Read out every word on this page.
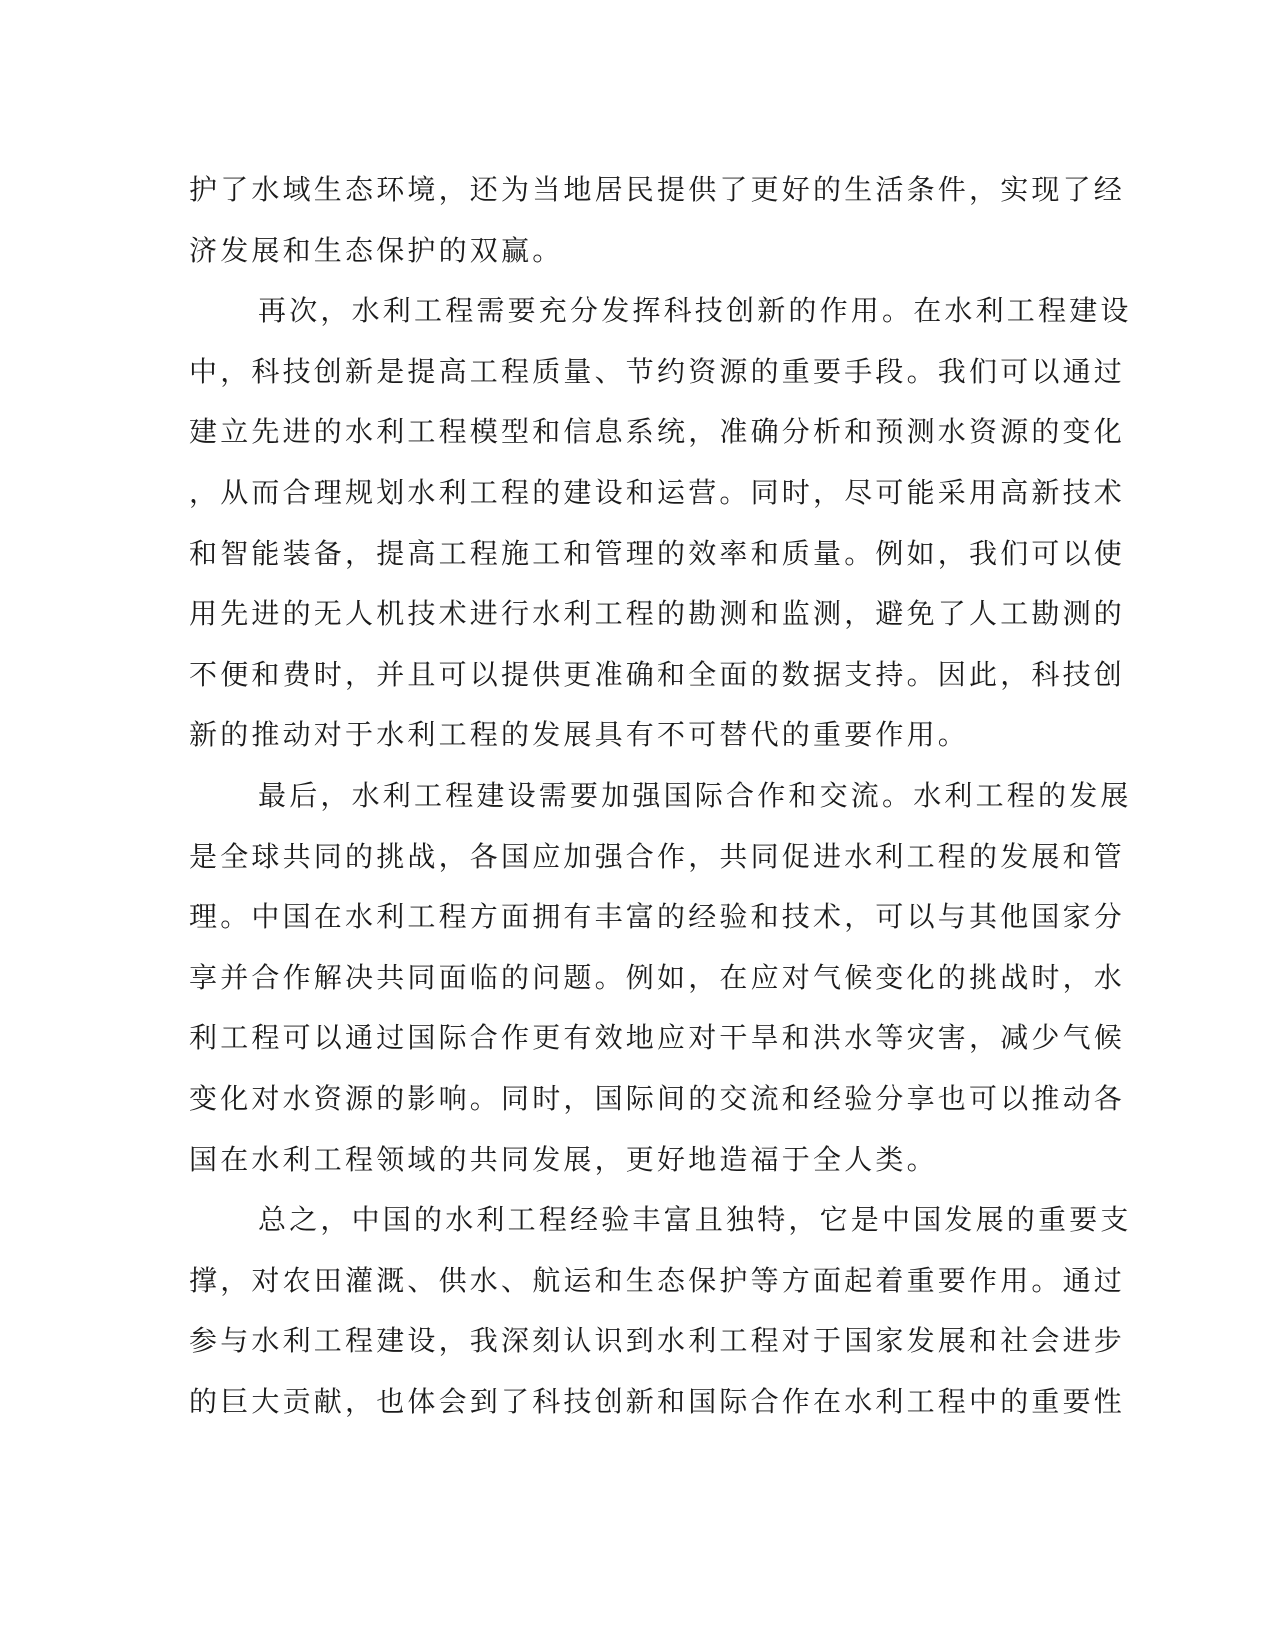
护了水域生态环境，还为当地居民提供了更好的生活条件，实现了经
济发展和生态保护的双赢。
再次，水利工程需要充分发挥科技创新的作用。在水利工程建设
中，科技创新是提高工程质量、节约资源的重要手段。我们可以通过
建立先进的水利工程模型和信息系统，准确分析和预测水资源的变化
，从而合理规划水利工程的建设和运营。同时，尽可能采用高新技术
和智能装备，提高工程施工和管理的效率和质量。例如，我们可以使
用先进的无人机技术进行水利工程的勘测和监测，避免了人工勘测的
不便和费时，并且可以提供更准确和全面的数据支持。因此，科技创
新的推动对于水利工程的发展具有不可替代的重要作用。
最后，水利工程建设需要加强国际合作和交流。水利工程的发展
是全球共同的挑战，各国应加强合作，共同促进水利工程的发展和管
理。中国在水利工程方面拥有丰富的经验和技术，可以与其他国家分
享并合作解决共同面临的问题。例如，在应对气候变化的挑战时，水
利工程可以通过国际合作更有效地应对干旱和洪水等灾害，减少气候
变化对水资源的影响。同时，国际间的交流和经验分享也可以推动各
国在水利工程领域的共同发展，更好地造福于全人类。
总之，中国的水利工程经验丰富且独特，它是中国发展的重要支
撑，对农田灌溉、供水、航运和生态保护等方面起着重要作用。通过
参与水利工程建设，我深刻认识到水利工程对于国家发展和社会进步
的巨大贡献，也体会到了科技创新和国际合作在水利工程中的重要性
